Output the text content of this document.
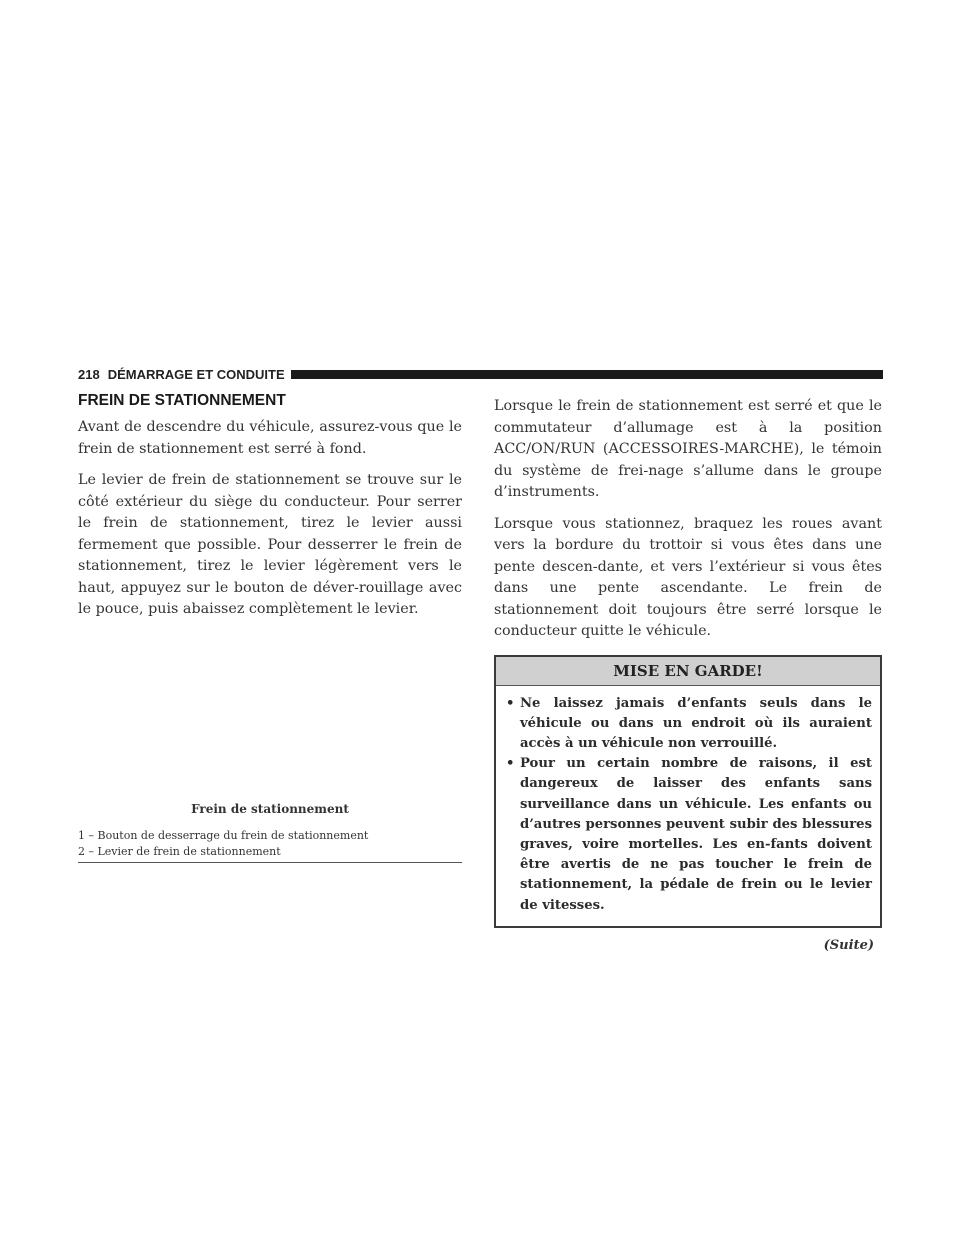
218 DÉMARRAGE ET CONDUITE
FREIN DE STATIONNEMENT

Avant de descendre du véhicule, assurez-vous que le frein de stationnement est serré à fond.

Le levier de frein de stationnement se trouve sur le côté extérieur du siège du conducteur. Pour serrer le frein de stationnement, tirez le levier aussi fermement que possible. Pour desserrer le frein de stationnement, tirez le levier légèrement vers le haut, appuyez sur le bouton de déver-rouillage avec le pouce, puis abaissez complètement le levier.

Frein de stationnement
1 – Bouton de desserrage du frein de stationnement
2 – Levier de frein de stationnement

Lorsque le frein de stationnement est serré et que le commutateur d’allumage est à la position ACC/ON/RUN (ACCESSOIRES-MARCHE), le témoin du système de frei-nage s’allume dans le groupe d’instruments.

Lorsque vous stationnez, braquez les roues avant vers la bordure du trottoir si vous êtes dans une pente descen-dante, et vers l’extérieur si vous êtes dans une pente ascendante. Le frein de stationnement doit toujours être serré lorsque le conducteur quitte le véhicule.

MISE EN GARDE!
• Ne laissez jamais d’enfants seuls dans le véhicule ou dans un endroit où ils auraient accès à un véhicule non verrouillé.
• Pour un certain nombre de raisons, il est dangereux de laisser des enfants sans surveillance dans un véhicule. Les enfants ou d’autres personnes peuvent subir des blessures graves, voire mortelles. Les en-fants doivent être avertis de ne pas toucher le frein de stationnement, la pédale de frein ou le levier de vitesses.
(Suite)
